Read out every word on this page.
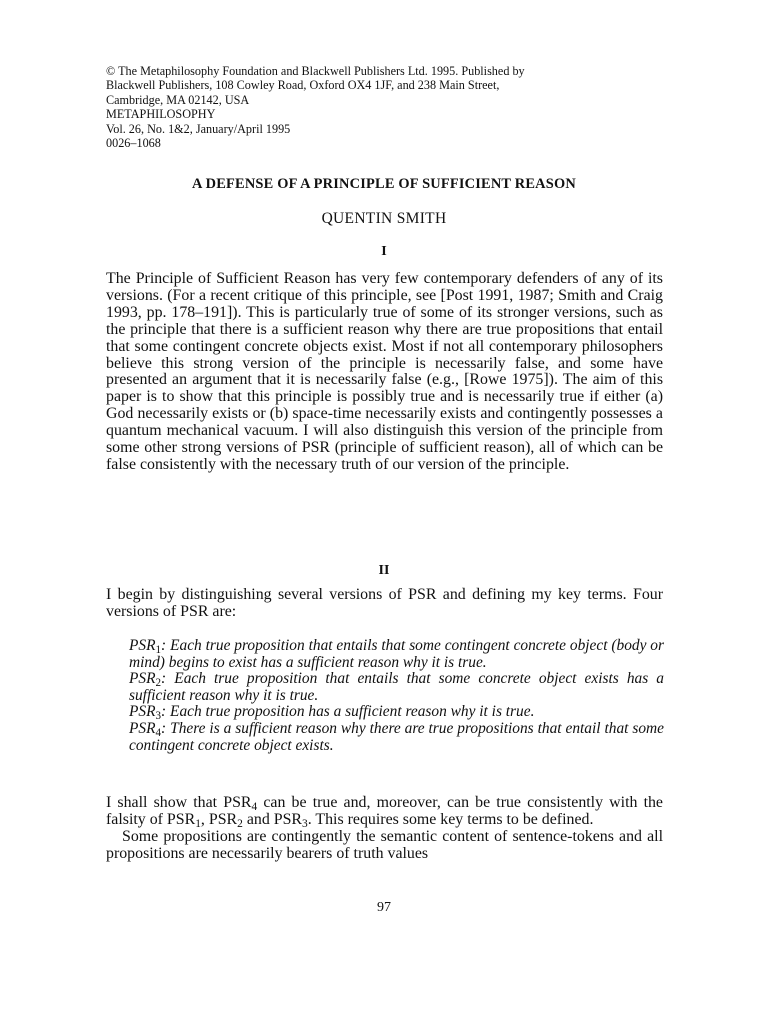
© The Metaphilosophy Foundation and Blackwell Publishers Ltd. 1995. Published by
Blackwell Publishers, 108 Cowley Road, Oxford OX4 1JF, and 238 Main Street,
Cambridge, MA 02142, USA
METAPHILOSOPHY
Vol. 26, No. 1&2, January/April 1995
0026–1068
A DEFENSE OF A PRINCIPLE OF SUFFICIENT REASON
QUENTIN SMITH
I

The Principle of Sufficient Reason has very few contemporary defenders of any of its versions. (For a recent critique of this principle, see [Post 1991, 1987; Smith and Craig 1993, pp. 178–191]). This is particularly true of some of its stronger versions, such as the principle that there is a sufficient reason why there are true propositions that entail that some contingent concrete objects exist. Most if not all contemporary philosophers believe this strong version of the principle is necessarily false, and some have presented an argument that it is necessarily false (e.g., [Rowe 1975]). The aim of this paper is to show that this principle is possibly true and is necessarily true if either (a) God necessarily exists or (b) space-time necessarily exists and contingently possesses a quantum mechanical vacuum. I will also distinguish this version of the principle from some other strong versions of PSR (principle of sufficient reason), all of which can be false consistently with the necessary truth of our version of the principle.

II

I begin by distinguishing several versions of PSR and defining my key terms. Four versions of PSR are:

$PSR_1$: Each true proposition that entails that some contingent concrete object (body or mind) begins to exist has a sufficient reason why it is true.

$PSR_2$: Each true proposition that entails that some concrete object exists has a sufficient reason why it is true.

$PSR_3$: Each true proposition has a sufficient reason why it is true.

$PSR_4$: There is a sufficient reason why there are true propositions that entail that some contingent concrete object exists.

I shall show that $PSR_4$ can be true and, moreover, can be true consistently with the falsity of $PSR_1$, $PSR_2$ and $PSR_3$. This requires some key terms to be defined.

Some propositions are contingently the semantic content of sentence-tokens and all propositions are necessarily bearers of truth values

97
